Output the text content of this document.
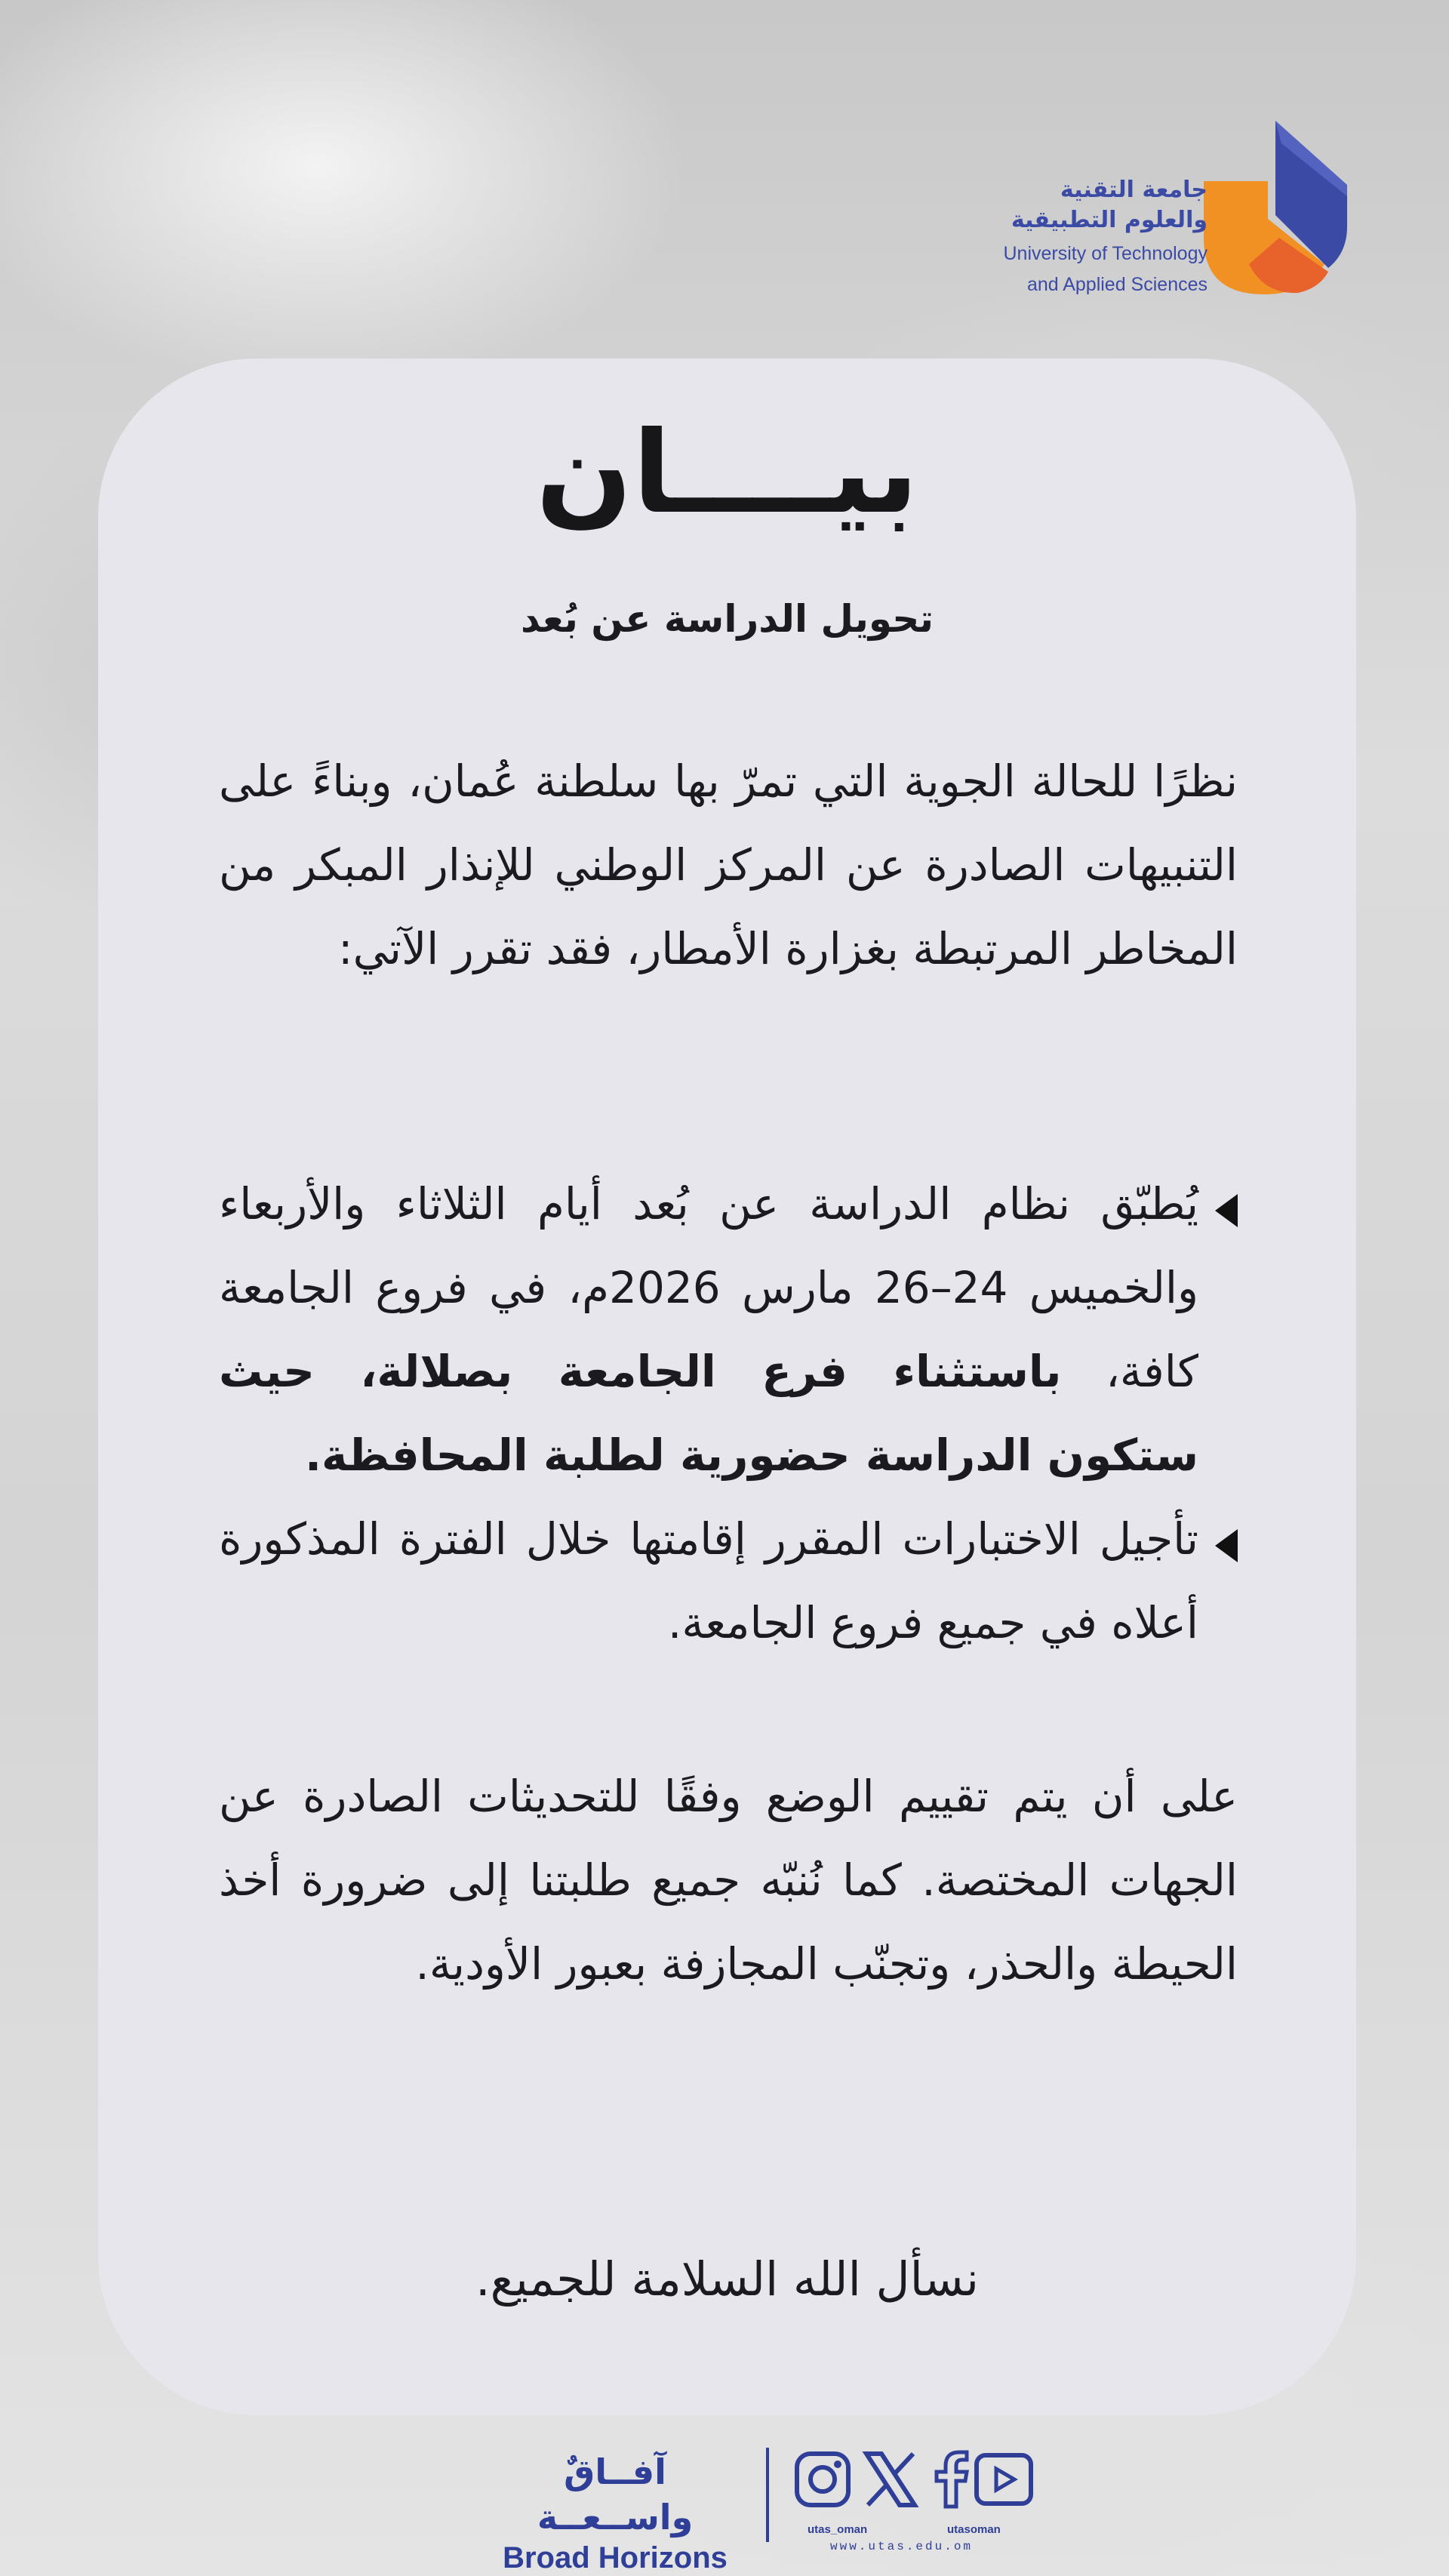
جامعة التقنية
والعلوم التطبيقية
University of Technology
and Applied Sciences
بيــــان
تحويل الدراسة عن بُعد

نظرًا للحالة الجوية التي تمرّ بها سلطنة عُمان، وبناءً على التنبيهات الصادرة عن المركز الوطني للإنذار المبكر من المخاطر المرتبطة بغزارة الأمطار، فقد تقرر الآتي:

يُطبّق نظام الدراسة عن بُعد أيام الثلاثاء والأربعاء والخميس 24–26 مارس 2026م، في فروع الجامعة كافة، باستثناء فرع الجامعة بصلالة، حيث ستكون الدراسة حضورية لطلبة المحافظة.
تأجيل الاختبارات المقرر إقامتها خلال الفترة المذكورة أعلاه في جميع فروع الجامعة.

على أن يتم تقييم الوضع وفقًا للتحديثات الصادرة عن الجهات المختصة. كما نُنبّه جميع طلبتنا إلى ضرورة أخذ الحيطة والحذر، وتجنّب المجازفة بعبور الأودية.

نسأل الله السلامة للجميع.
آفــاقٌ واســعــة
Broad Horizons
utas_oman	utasoman
www.utas.edu.om
